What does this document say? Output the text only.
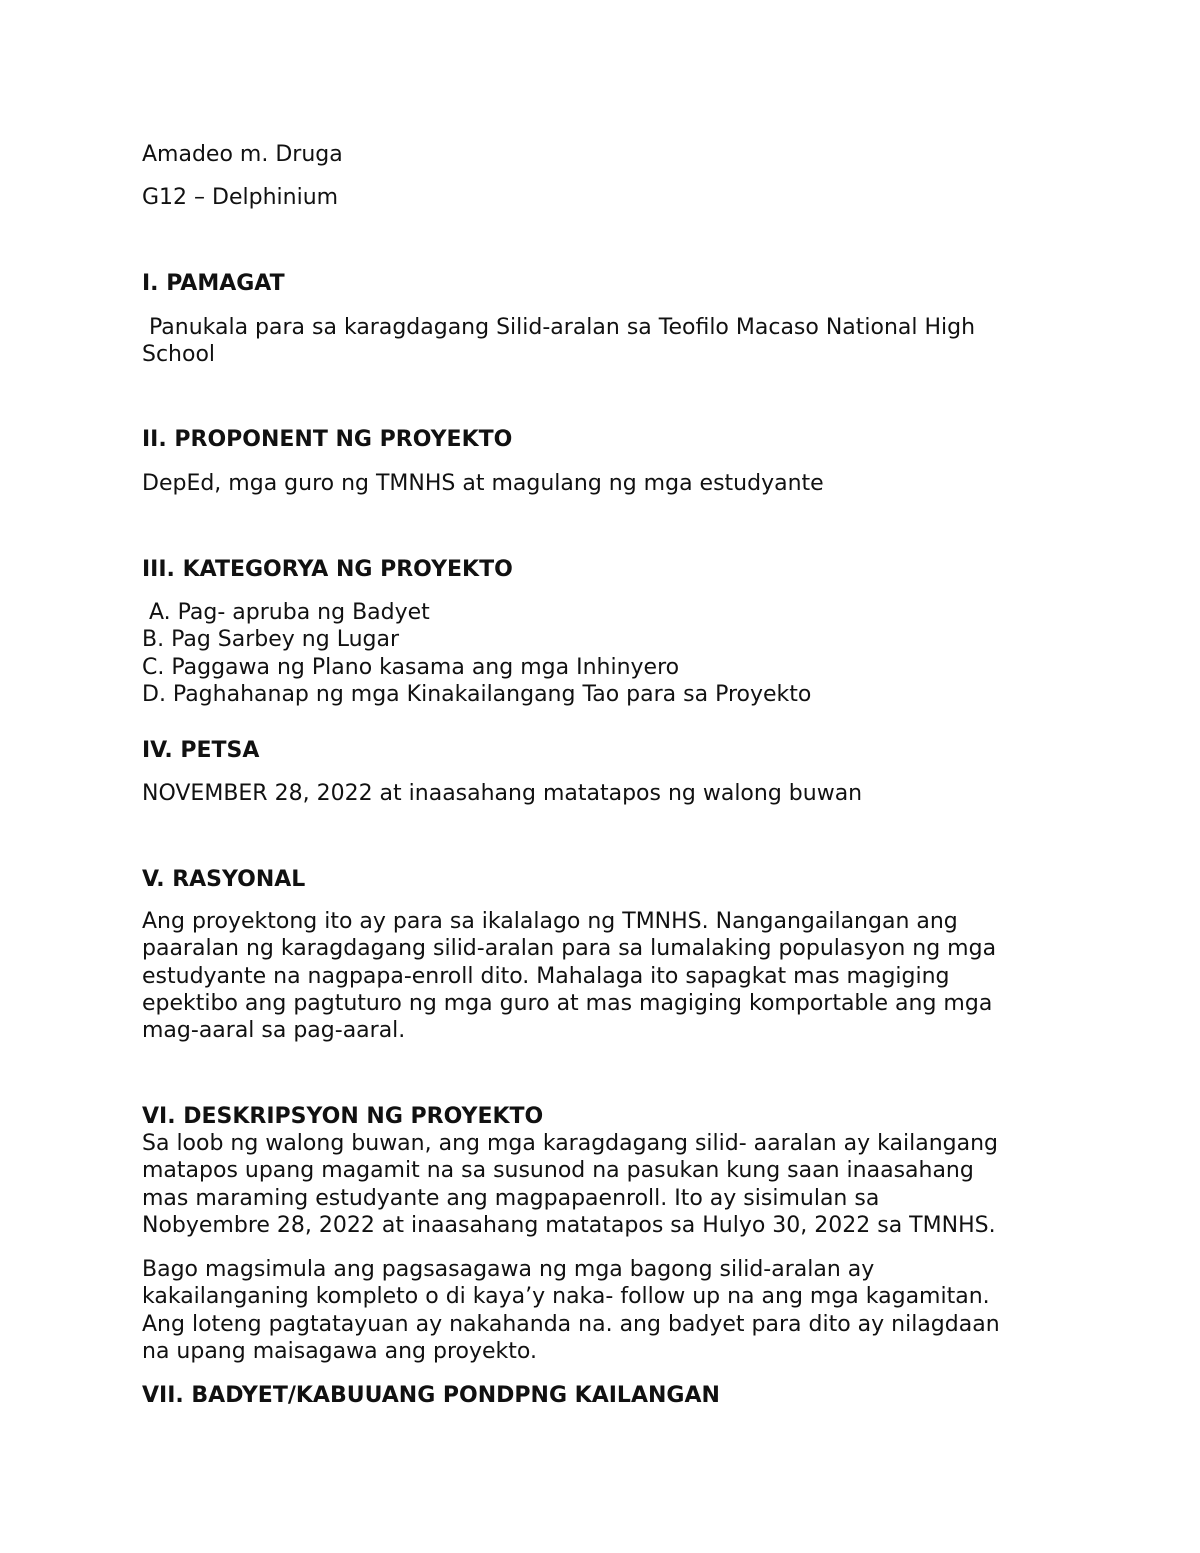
Amadeo m. Druga
G12 – Delphinium
I. PAMAGAT
Panukala para sa karagdagang Silid-aralan sa Teofilo Macaso National High
School
II. PROPONENT NG PROYEKTO
DepEd, mga guro ng TMNHS at magulang ng mga estudyante
III. KATEGORYA NG PROYEKTO
A. Pag- apruba ng Badyet
B. Pag Sarbey ng Lugar
C. Paggawa ng Plano kasama ang mga Inhinyero
D. Paghahanap ng mga Kinakailangang Tao para sa Proyekto
IV. PETSA
NOVEMBER 28, 2022 at inaasahang matatapos ng walong buwan
V. RASYONAL
Ang proyektong ito ay para sa ikalalago ng TMNHS. Nangangailangan ang
paaralan ng karagdagang silid-aralan para sa lumalaking populasyon ng mga
estudyante na nagpapa-enroll dito. Mahalaga ito sapagkat mas magiging
epektibo ang pagtuturo ng mga guro at mas magiging komportable ang mga
mag-aaral sa pag-aaral.
VI. DESKRIPSYON NG PROYEKTO
Sa loob ng walong buwan, ang mga karagdagang silid- aaralan ay kailangang
matapos upang magamit na sa susunod na pasukan kung saan inaasahang
mas maraming estudyante ang magpapaenroll. Ito ay sisimulan sa
Nobyembre 28, 2022 at inaasahang matatapos sa Hulyo 30, 2022 sa TMNHS.
Bago magsimula ang pagsasagawa ng mga bagong silid-aralan ay
kakailanganing kompleto o di kaya’y naka- follow up na ang mga kagamitan.
Ang loteng pagtatayuan ay nakahanda na. ang badyet para dito ay nilagdaan
na upang maisagawa ang proyekto.
VII. BADYET/KABUUANG PONDPNG KAILANGAN
